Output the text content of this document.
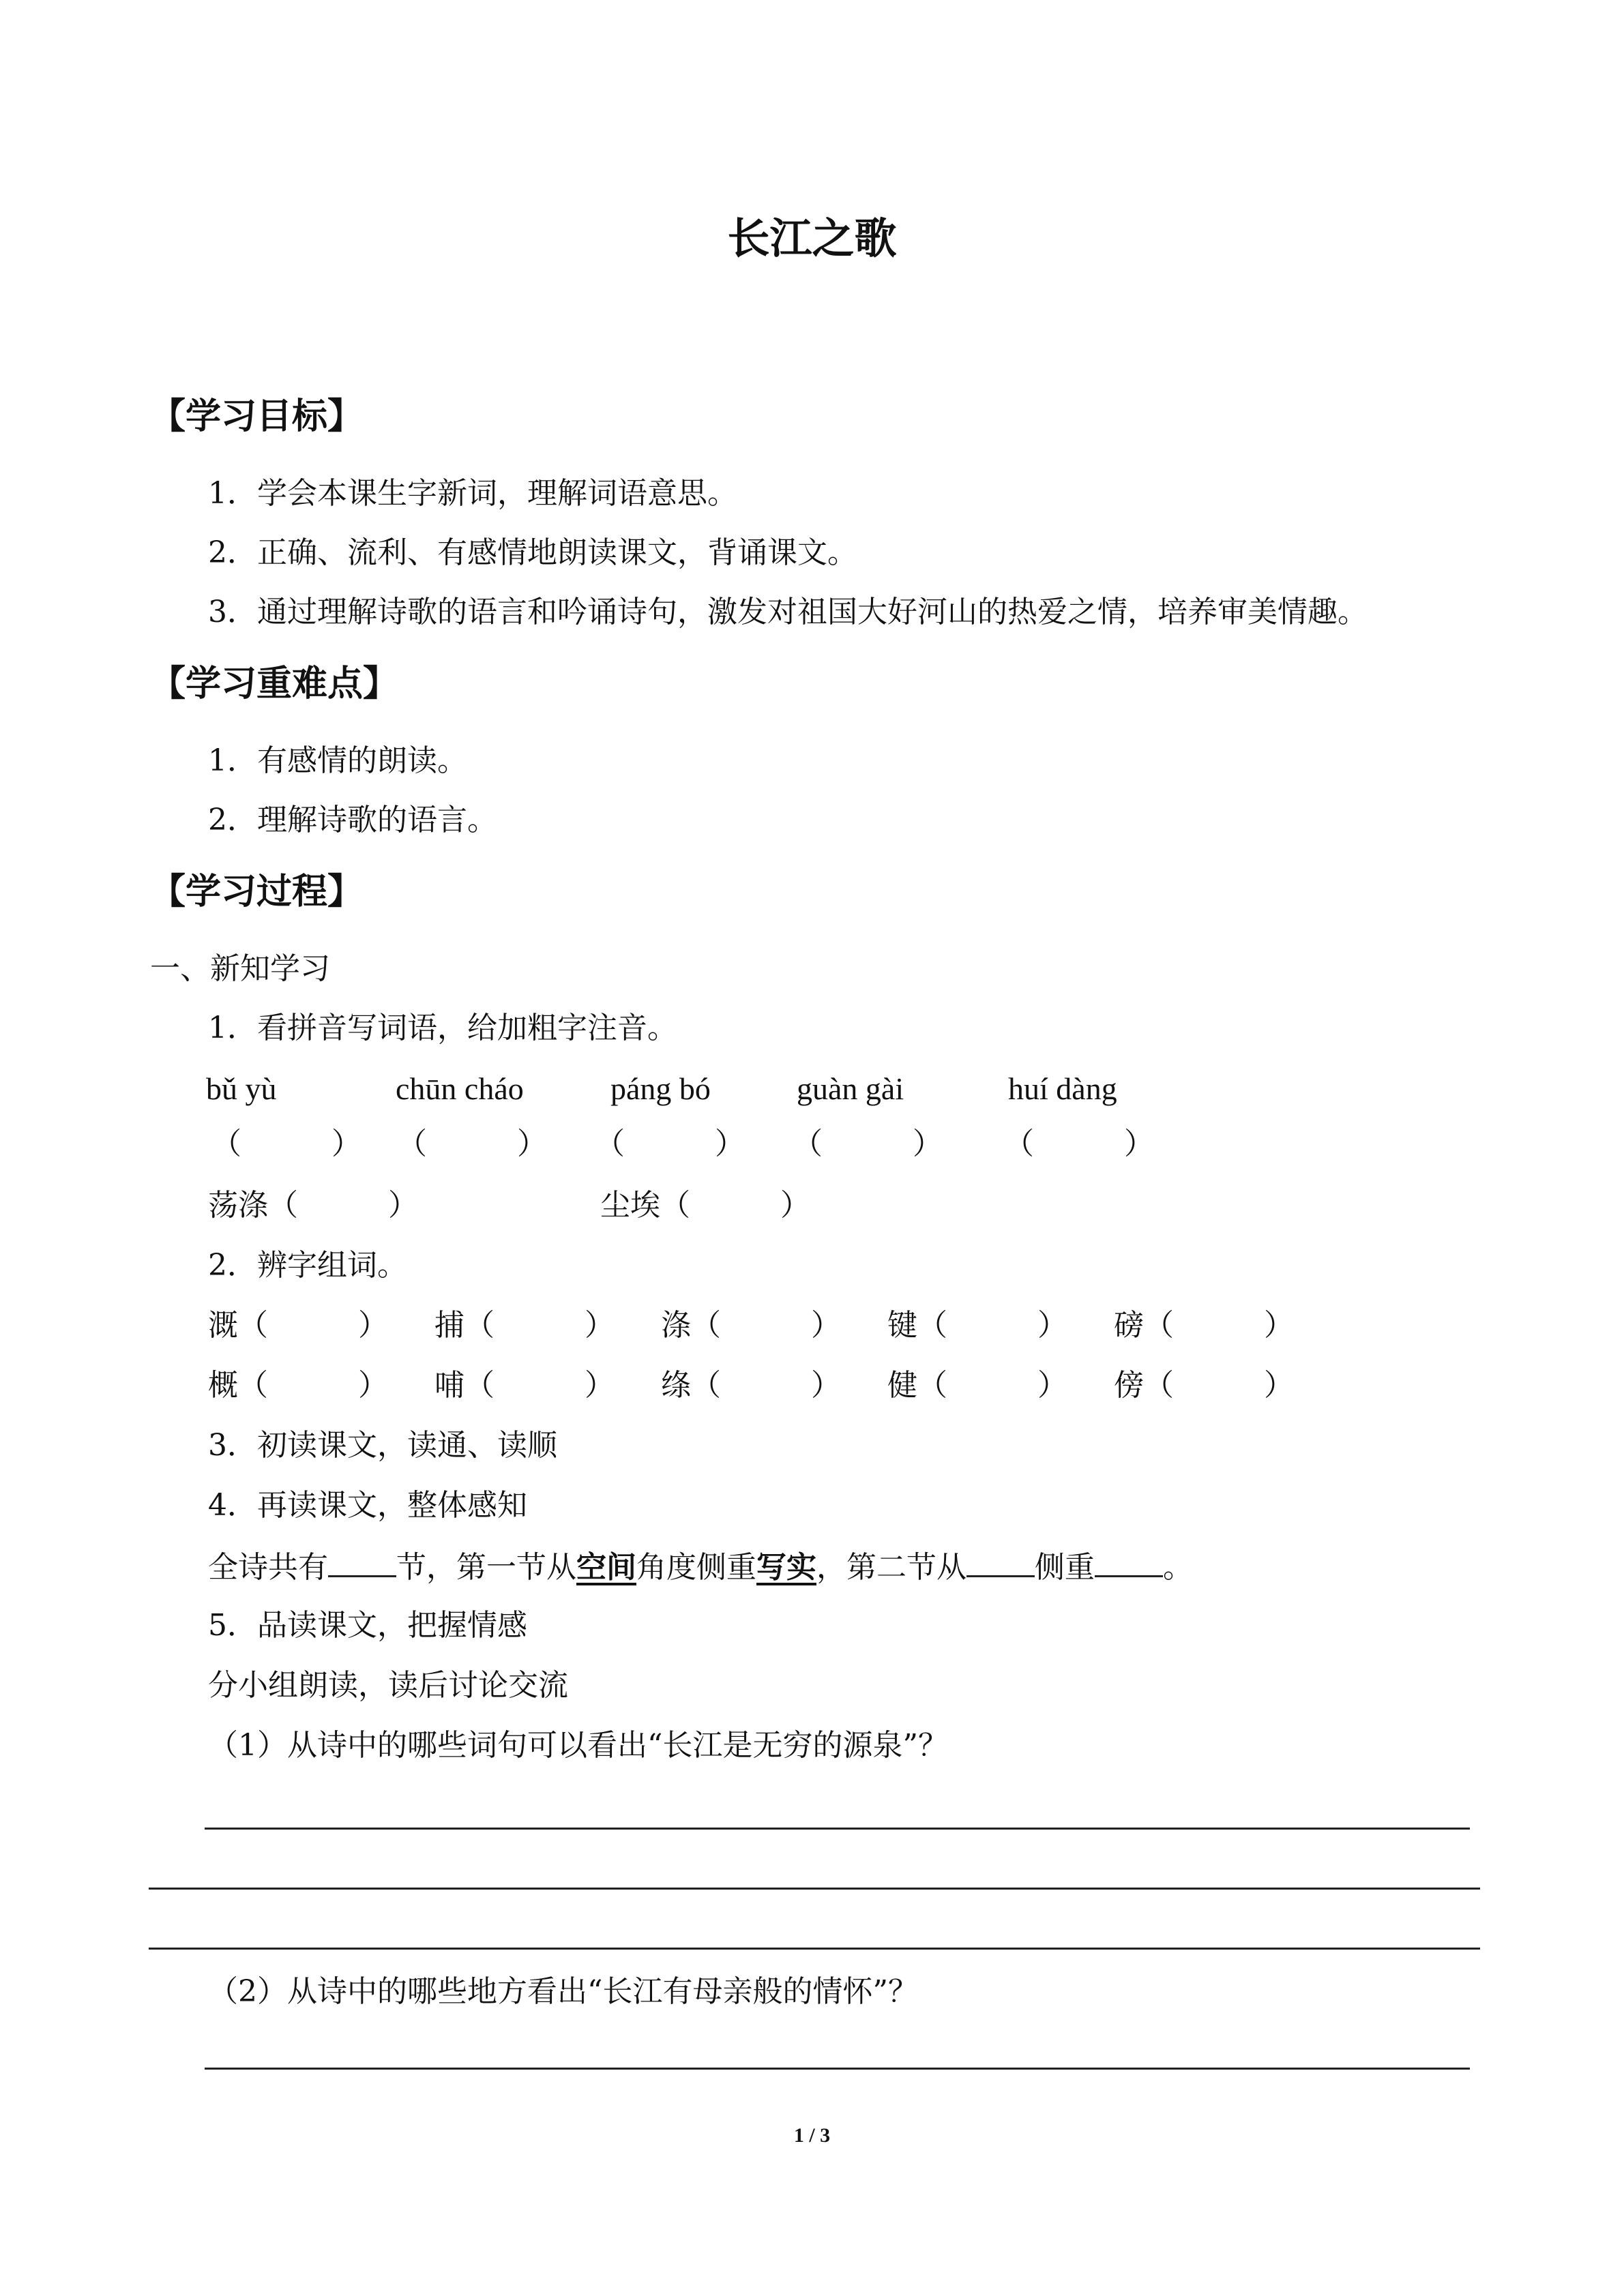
长江之歌
【学习目标】
1．学会本课生字新词，理解词语意思。
2．正确、流利、有感情地朗读课文，背诵课文。
3．通过理解诗歌的语言和吟诵诗句，激发对祖国大好河山的热爱之情，培养审美情趣。
【学习重难点】
1．有感情的朗读。
2．理解诗歌的语言。
【学习过程】
一、新知学习
1．看拼音写词语，给加粗字注音。
bǔ yù	chūn cháo	páng bó	guàn gài	huí dàng
（　　　） （　　　） （　　　） （　　　） （　　　）
荡涤（　　　）	尘埃（　　　）
2．辨字组词。
溉（　　　） 捕（　　　） 涤（　　　） 键（　　　） 磅（　　　）
概（　　　） 哺（　　　） 绦（　　　） 健（　　　） 傍（　　　）
3．初读课文，读通、读顺
4．再读课文，整体感知
全诗共有 节，第一节从空间角度侧重写实，第二节从 侧重 。
5．品读课文，把握情感
分小组朗读，读后讨论交流
（1）从诗中的哪些词句可以看出“长江是无穷的源泉”？
（2）从诗中的哪些地方看出“长江有母亲般的情怀”？
1 / 3
